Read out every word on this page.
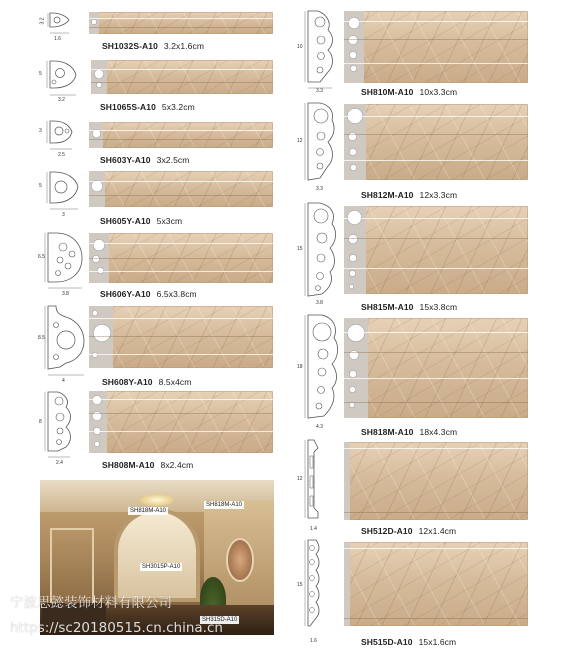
3.2
1.6
SH1032S-A10 3.2x1.6cm
5
3.2
SH1065S-A10 5x3.2cm
3
2.5	SH603Y-A10 3x2.5cm
5
3
SH605Y-A10 5x3cm
6.5
3.8	SH606Y-A10 6.5x3.8cm
8.5
4	SH608Y-A10 8.5x4cm
8
2.4	SH808M-A10 8x2.4cm
SH818M-A10
SH818M-A10
SH3015P-A10
SH315D-A10
10
SH810M-A10 10x3.3cm
3.3
12
SH812M-A10 12x3.3cm
3.3
15
SH815M-A10 15x3.8cm
3.8
18
SH818M-A10 18x4.3cm
4.3
12
SH512D-A10 12x1.4cm
1.4
15
SH515D-A10 15x1.6cm
1.6
宁波思懿装饰材料有限公司
https://sc20180515.cn.china.cn
